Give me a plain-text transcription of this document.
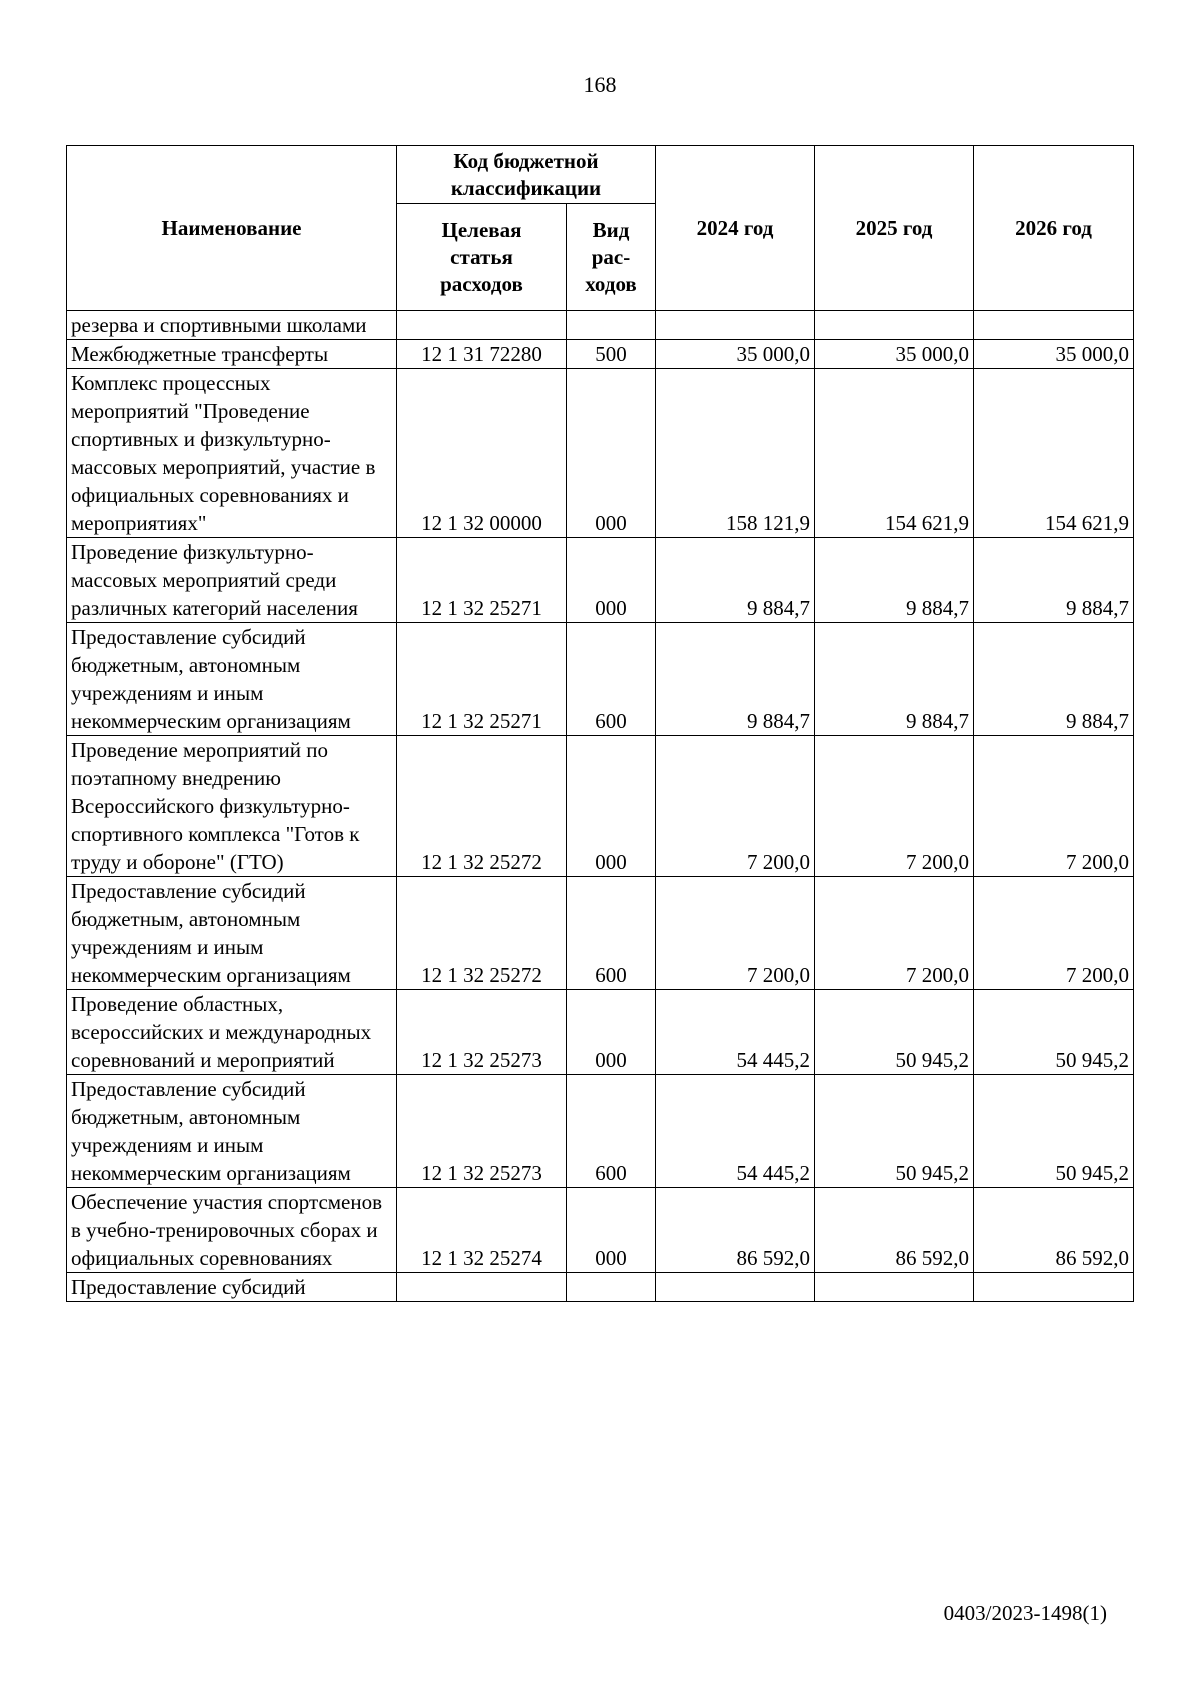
168
Наименование	Код бюджетной классификации		2024 год	2025 год	2026 год
	Целевая статья расходов	Вид рас-ходов			
резерва и спортивными школами					
Межбюджетные трансферты	12 1 31 72280	500	35 000,0	35 000,0	35 000,0
Комплекс процессных мероприятий "Проведение спортивных и физкультурно-массовых мероприятий, участие в официальных соревнованиях и мероприятиях"	12 1 32 00000	000	158 121,9	154 621,9	154 621,9
Проведение физкультурно-массовых мероприятий среди различных категорий населения	12 1 32 25271	000	9 884,7	9 884,7	9 884,7
Предоставление субсидий бюджетным, автономным учреждениям и иным некоммерческим организациям	12 1 32 25271	600	9 884,7	9 884,7	9 884,7
Проведение мероприятий по поэтапному внедрению Всероссийского физкультурно-спортивного комплекса "Готов к труду и обороне" (ГТО)	12 1 32 25272	000	7 200,0	7 200,0	7 200,0
Предоставление субсидий бюджетным, автономным учреждениям и иным некоммерческим организациям	12 1 32 25272	600	7 200,0	7 200,0	7 200,0
Проведение областных, всероссийских и международных соревнований и мероприятий	12 1 32 25273	000	54 445,2	50 945,2	50 945,2
Предоставление субсидий бюджетным, автономным учреждениям и иным некоммерческим организациям	12 1 32 25273	600	54 445,2	50 945,2	50 945,2
Обеспечение участия спортсменов в учебно-тренировочных сборах и официальных соревнованиях	12 1 32 25274	000	86 592,0	86 592,0	86 592,0
Предоставление субсидий					
0403/2023-1498(1)
